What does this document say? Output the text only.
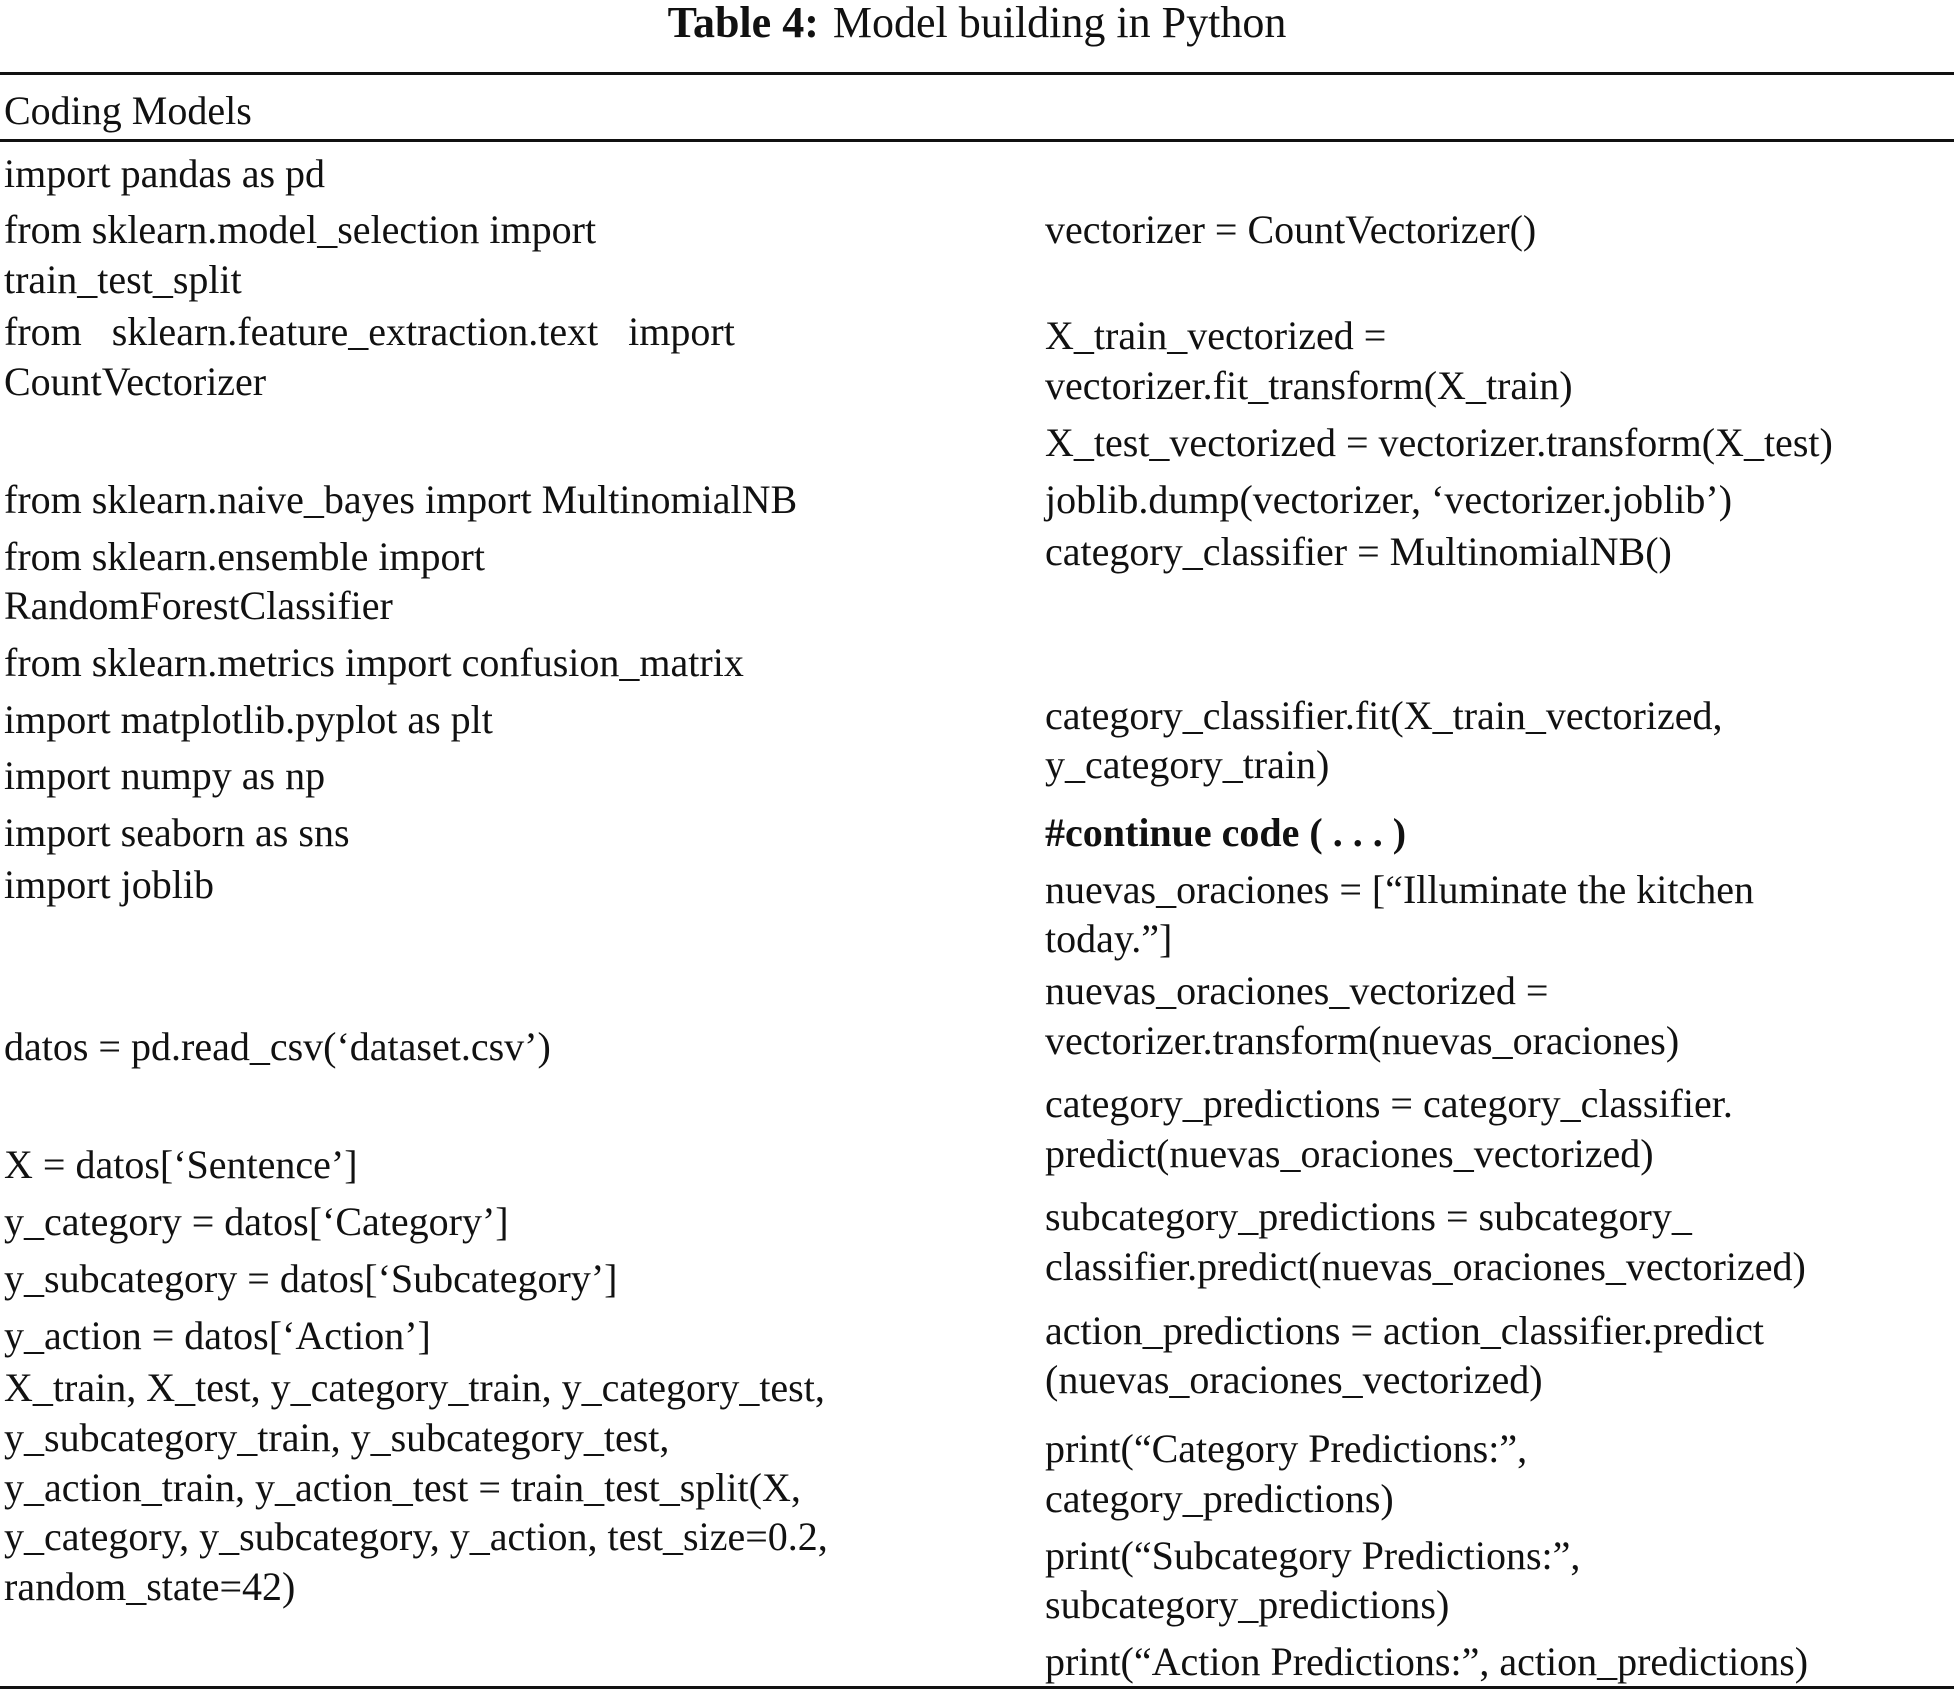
Table 4: Model building in Python
Coding Models
import pandas as pd
from sklearn.model_selection import
train_test_split
from   sklearn.feature_extraction.text   import
CountVectorizer
from sklearn.naive_bayes import MultinomialNB
from sklearn.ensemble import
RandomForestClassifier
from sklearn.metrics import confusion_matrix
import matplotlib.pyplot as plt
import numpy as np
import seaborn as sns
import joblib
datos = pd.read_csv(‘dataset.csv’)
X = datos[‘Sentence’]
y_category = datos[‘Category’]
y_subcategory = datos[‘Subcategory’]
y_action = datos[‘Action’]
X_train, X_test, y_category_train, y_category_test,
y_subcategory_train, y_subcategory_test,
y_action_train, y_action_test = train_test_split(X,
y_category, y_subcategory, y_action, test_size=0.2,
random_state=42)
vectorizer = CountVectorizer()
X_train_vectorized =
vectorizer.fit_transform(X_train)
X_test_vectorized = vectorizer.transform(X_test)
joblib.dump(vectorizer, ‘vectorizer.joblib’)
category_classifier = MultinomialNB()
category_classifier.fit(X_train_vectorized,
y_category_train)
#continue code ( . . . )
nuevas_oraciones = [“Illuminate the kitchen
today.”]
nuevas_oraciones_vectorized =
vectorizer.transform(nuevas_oraciones)
category_predictions = category_classifier.
predict(nuevas_oraciones_vectorized)
subcategory_predictions = subcategory_
classifier.predict(nuevas_oraciones_vectorized)
action_predictions = action_classifier.predict
(nuevas_oraciones_vectorized)
print(“Category Predictions:”,
category_predictions)
print(“Subcategory Predictions:”,
subcategory_predictions)
print(“Action Predictions:”, action_predictions)
